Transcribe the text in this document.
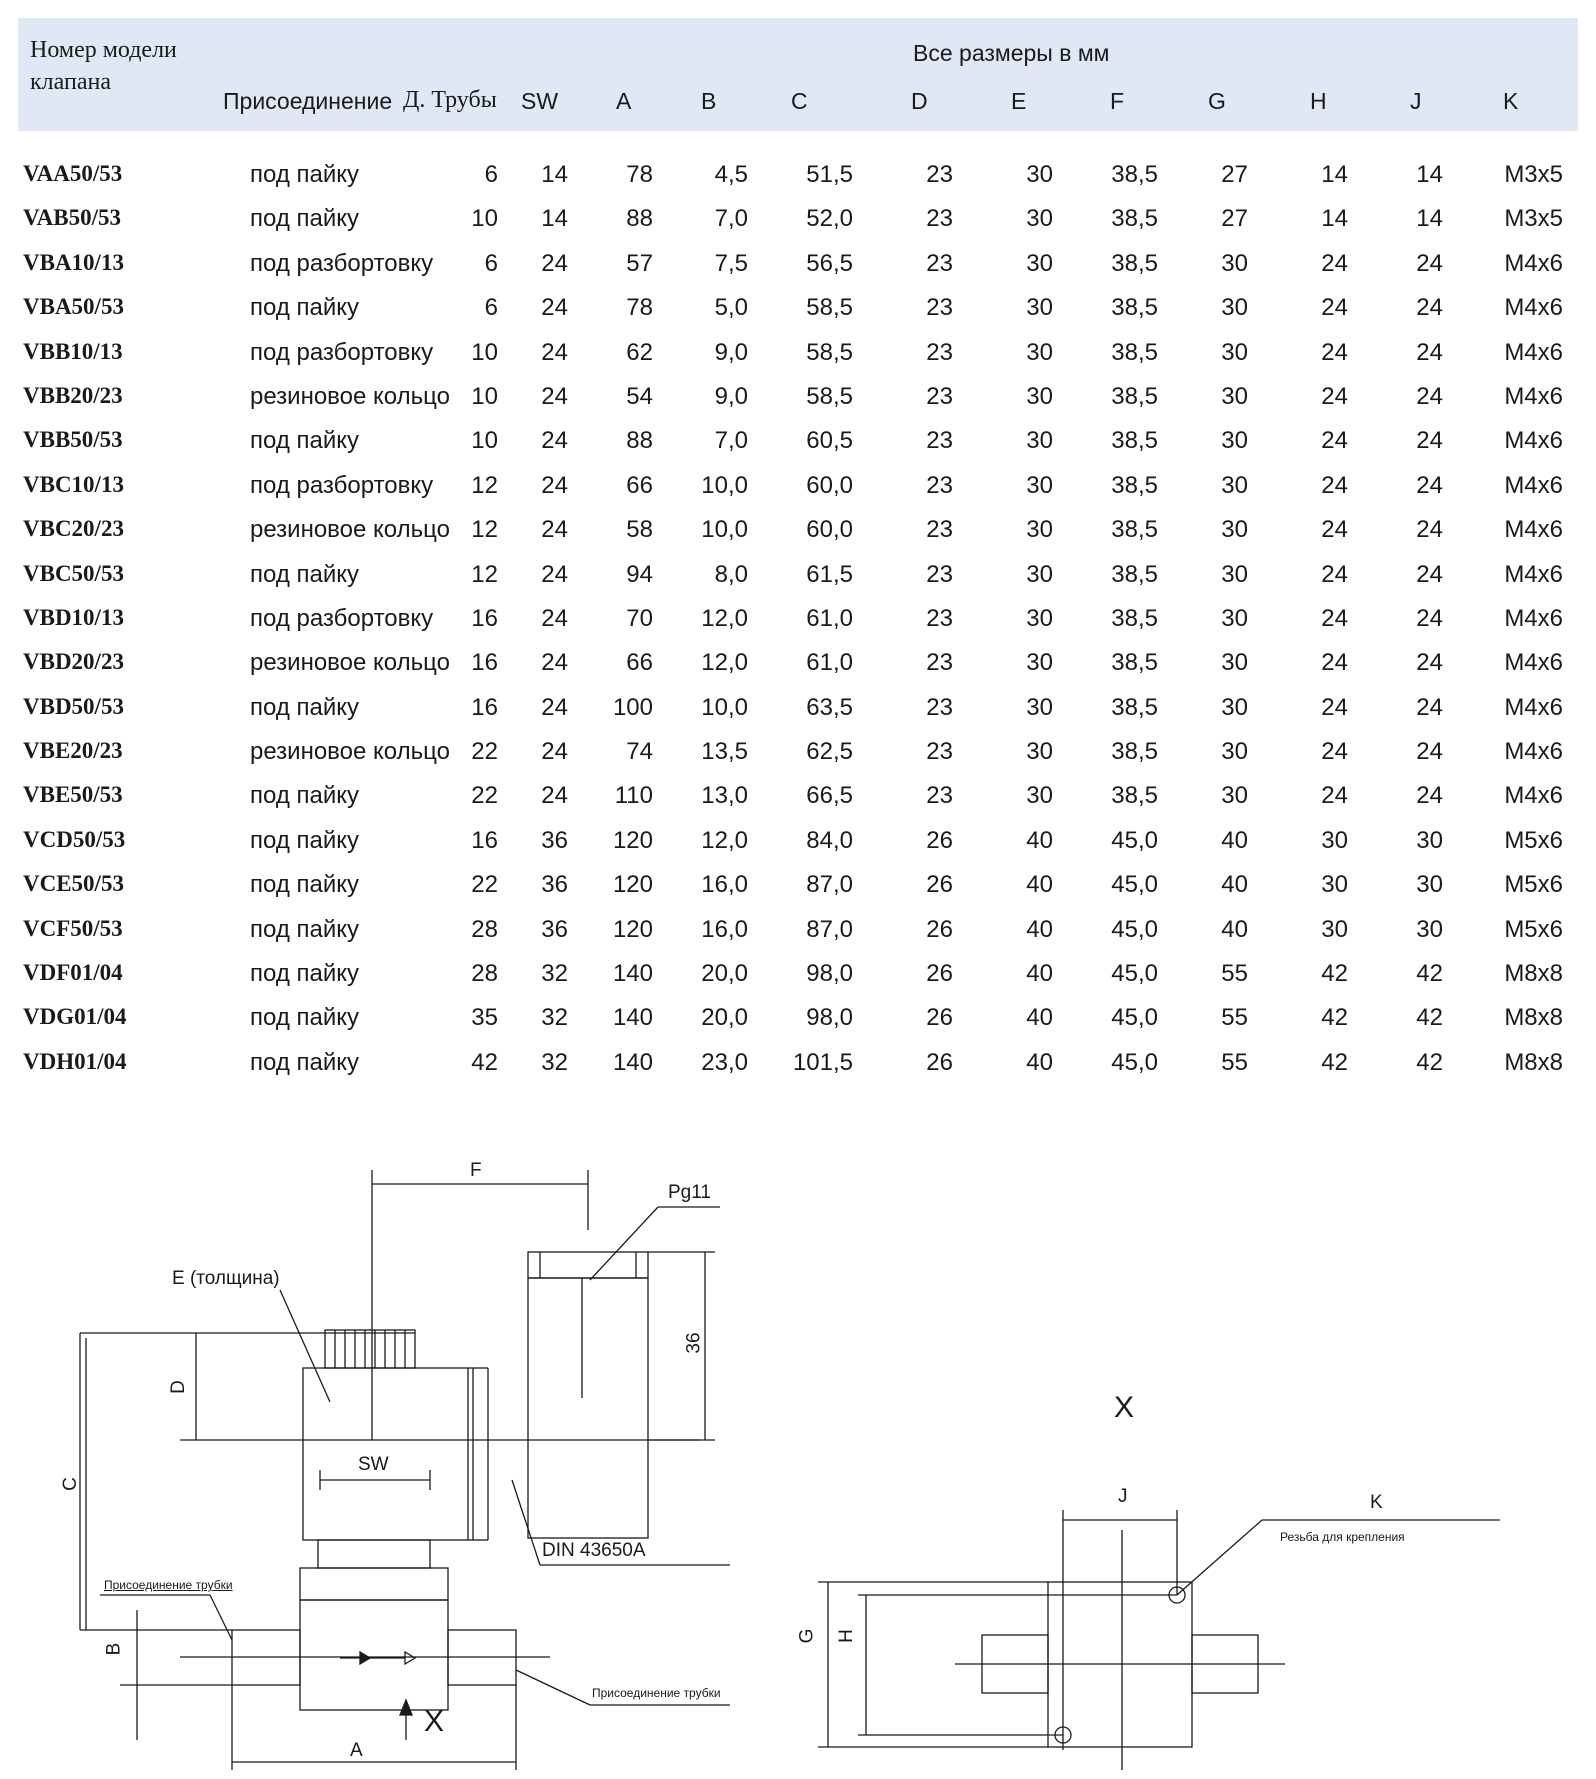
Номер модели клапана
Все размеры в мм
Присоединение Д. Трубы SW	A	B	C	D	E	F	G	H	J	K
VAA50/53	под пайку	6	14	78	4,5	51,5	23	30	38,5	27	14	14	M3x5
VAB50/53	под пайку	10	14	88	7,0	52,0	23	30	38,5	27	14	14	M3x5
VBA10/13	под разбортовку	6	24	57	7,5	56,5	23	30	38,5	30	24	24	M4x6
VBA50/53	под пайку	6	24	78	5,0	58,5	23	30	38,5	30	24	24	M4x6
VBB10/13	под разбортовку	10	24	62	9,0	58,5	23	30	38,5	30	24	24	M4x6
VBB20/23	резиновое кольцо 10	24	54	9,0	58,5	23	30	38,5	30	24	24	M4x6
VBB50/53	под пайку	10	24	88	7,0	60,5	23	30	38,5	30	24	24	M4x6
VBC10/13	под разбортовку	12	24	66	10,0	60,0	23	30	38,5	30	24	24	M4x6
VBC20/23	резиновое кольцо 12	24	58	10,0	60,0	23	30	38,5	30	24	24	M4x6
VBC50/53	под пайку	12	24	94	8,0	61,5	23	30	38,5	30	24	24	M4x6
VBD10/13	под разбортовку	16	24	70	12,0	61,0	23	30	38,5	30	24	24	M4x6
VBD20/23	резиновое кольцо 16	24	66	12,0	61,0	23	30	38,5	30	24	24	M4x6
VBD50/53	под пайку	16	24	100	10,0	63,5	23	30	38,5	30	24	24	M4x6
VBE20/23	резиновое кольцо 22	24	74	13,5	62,5	23	30	38,5	30	24	24	M4x6
VBE50/53	под пайку	22	24	110	13,0	66,5	23	30	38,5	30	24	24	M4x6
VCD50/53	под пайку	16	36	120	12,0	84,0	26	40	45,0	40	30	30	M5x6
VCE50/53	под пайку	22	36	120	16,0	87,0	26	40	45,0	40	30	30	M5x6
VCF50/53	под пайку	28	36	120	16,0	87,0	26	40	45,0	40	30	30	M5x6
VDF01/04	под пайку	28	32	140	20,0	98,0	26	40	45,0	55	42	42	M8x8
VDG01/04	под пайку	35	32	140	20,0	98,0	26	40	45,0	55	42	42	M8x8
VDH01/04	под пайку	42	32	140	23,0	101,5	26	40	45,0	55	42	42	M8x8
F
Pg11
E (толщина)
36
D
C
SW
DIN 43650A
Присоединение трубки
Присоединение трубки
B
A
X
X
J	K
Резьба для крепления
G H
